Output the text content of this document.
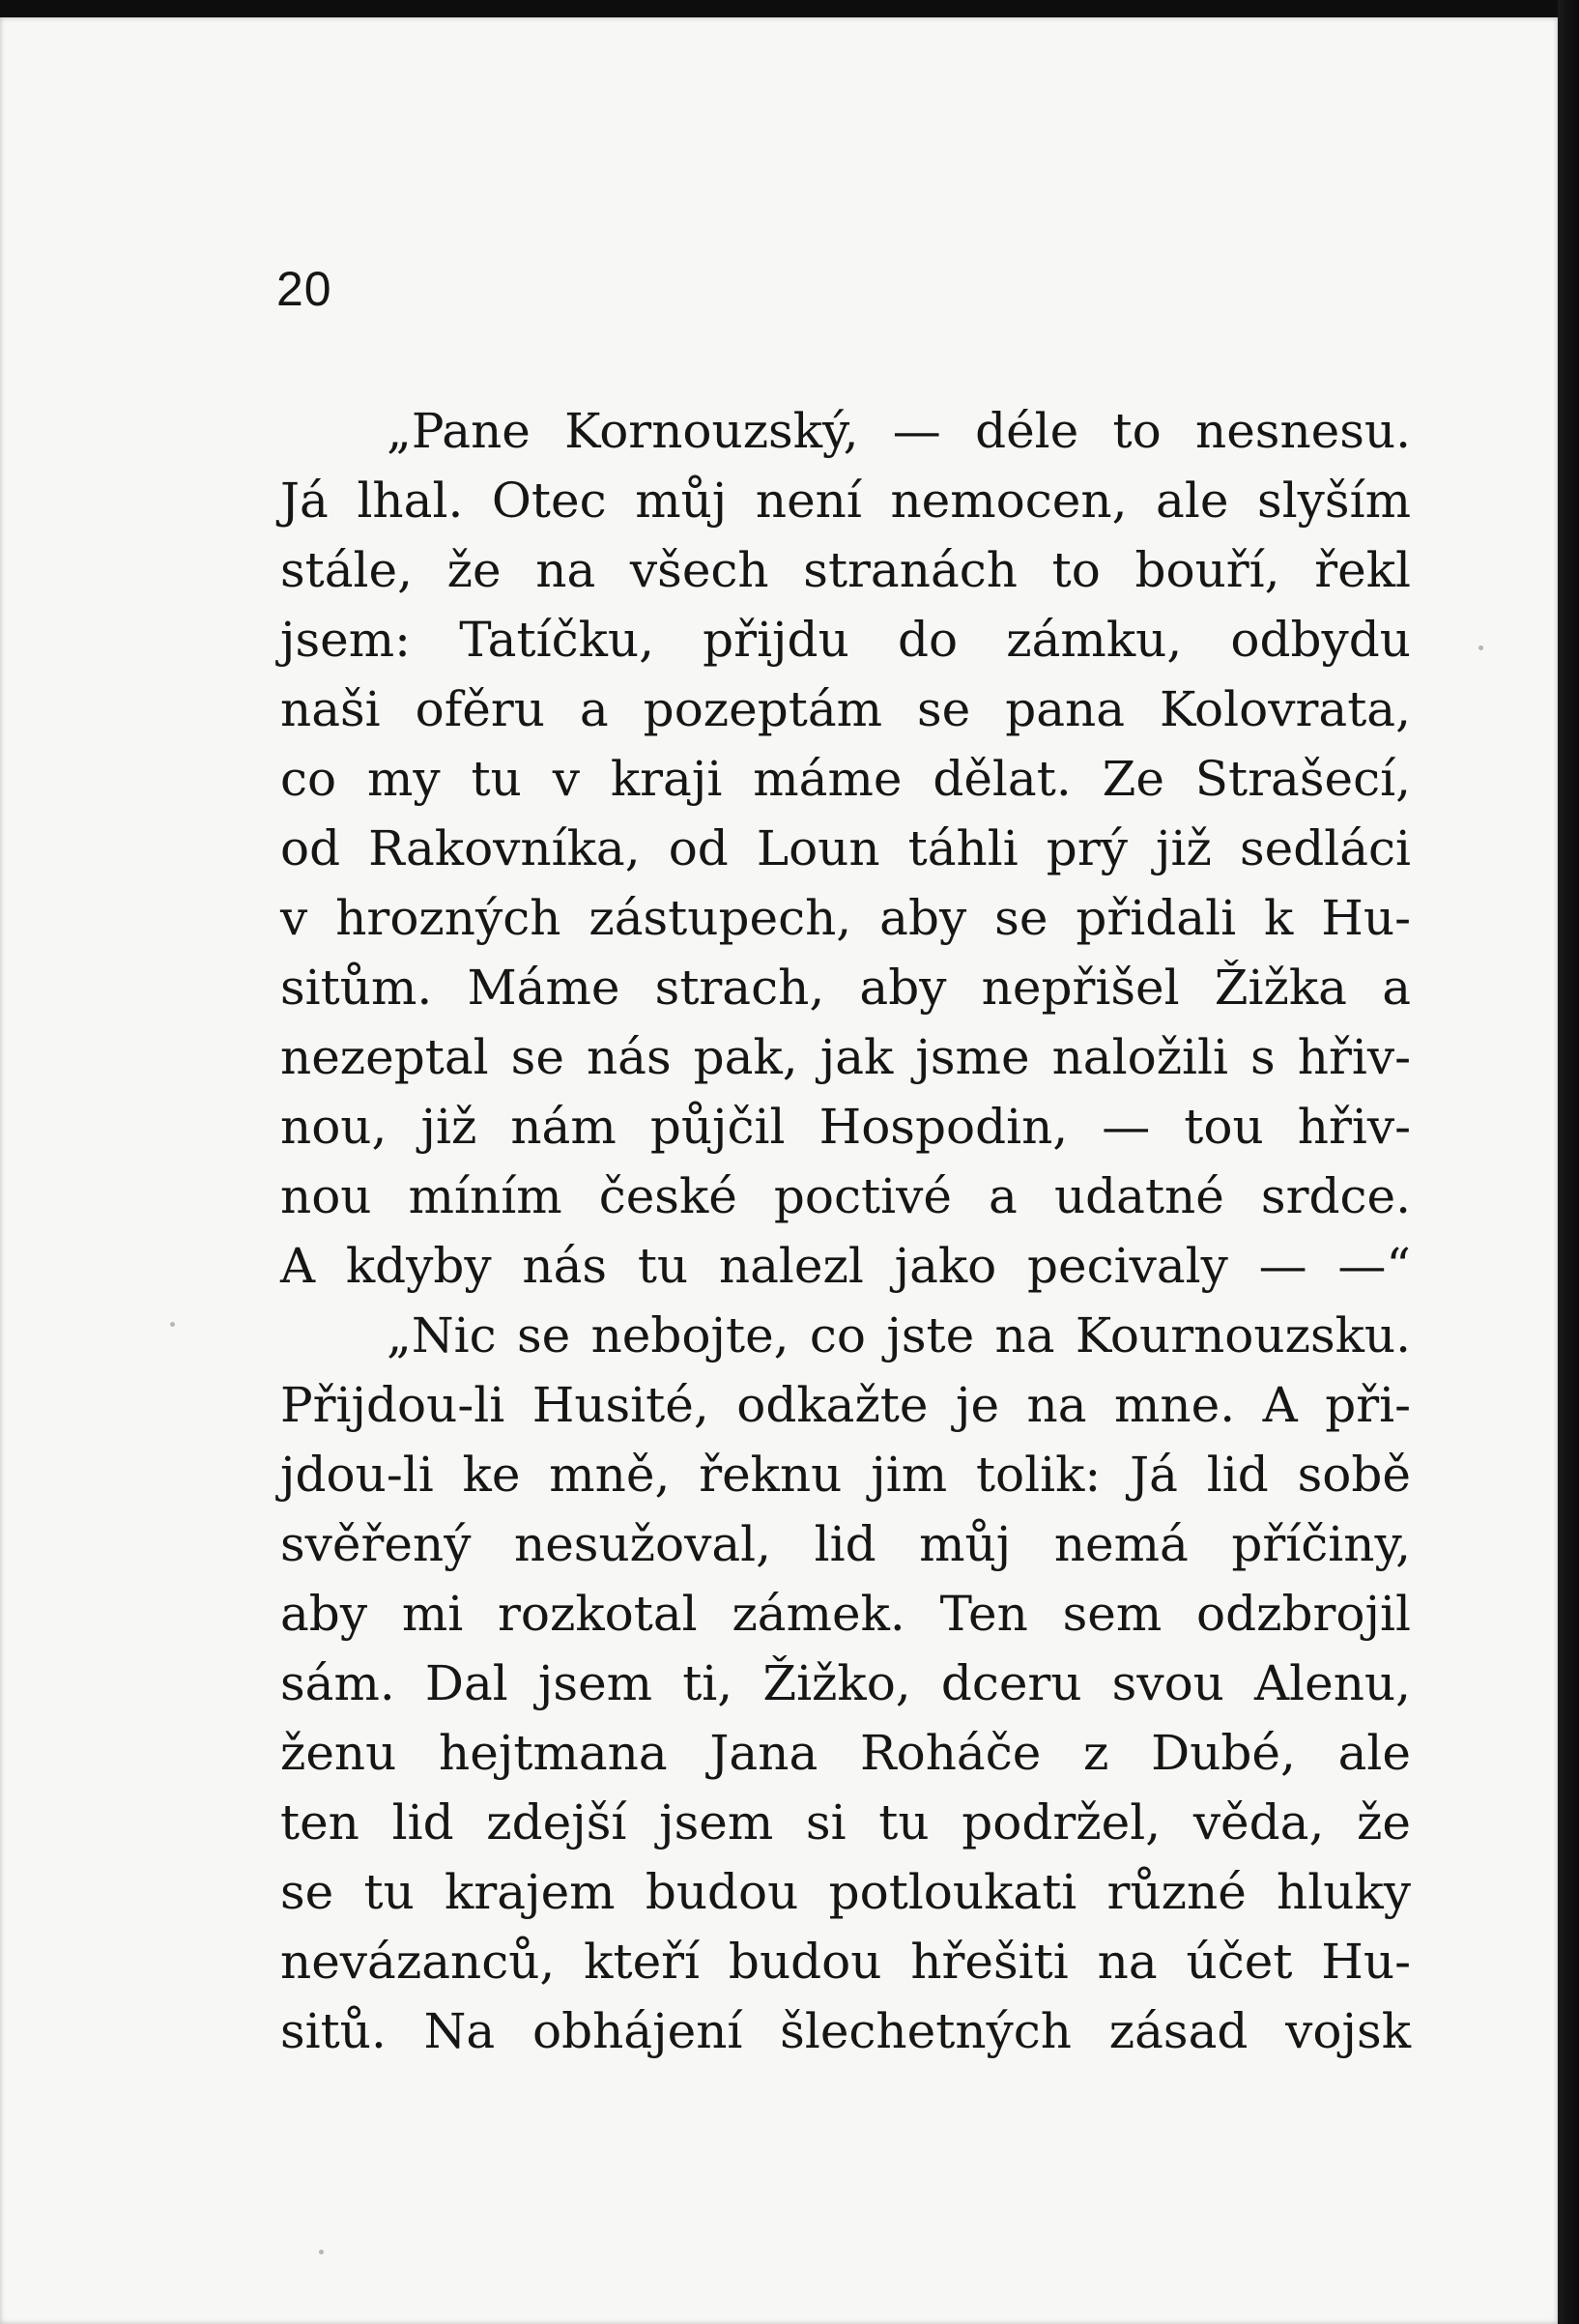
20
„Pane Kornouzský, — déle to nesnesu.
Já lhal. Otec můj není nemocen, ale slyším
stále, že na všech stranách to bouří, řekl
jsem: Tatíčku, přijdu do zámku, odbydu
naši ofěru a pozeptám se pana Kolovrata,
co my tu v kraji máme dělat. Ze Strašecí,
od Rakovníka, od Loun táhli prý již sedláci
v hrozných zástupech, aby se přidali k Hu-
sitům. Máme strach, aby nepřišel Žižka a
nezeptal se nás pak, jak jsme naložili s hřiv-
nou, již nám půjčil Hospodin, — tou hřiv-
nou míním české poctivé a udatné srdce.
A kdyby nás tu nalezl jako pecivaly — —“
„Nic se nebojte, co jste na Kournouzsku.
Přijdou-li Husité, odkažte je na mne. A při-
jdou-li ke mně, řeknu jim tolik: Já lid sobě
svěřený nesužoval, lid můj nemá příčiny,
aby mi rozkotal zámek. Ten sem odzbrojil
sám. Dal jsem ti, Žižko, dceru svou Alenu,
ženu hejtmana Jana Roháče z Dubé, ale
ten lid zdejší jsem si tu podržel, věda, že
se tu krajem budou potloukati různé hluky
nevázanců, kteří budou hřešiti na účet Hu-
sitů. Na obhájení šlechetných zásad vojsk
